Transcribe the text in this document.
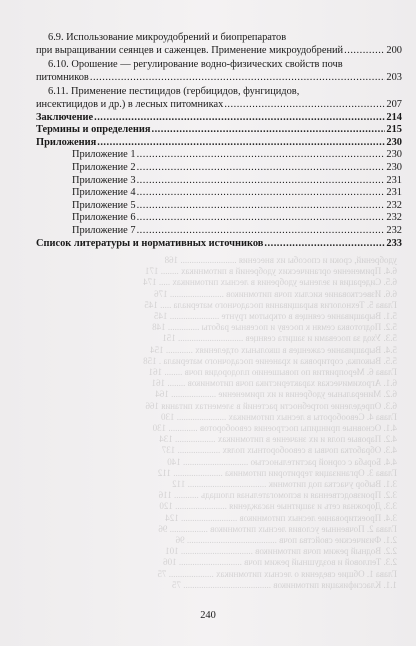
удобрений, сроки и способы их внесения ......................... 168
6.4. Применение органических удобрений в питомниках ........ 171
6.5. Сидерация и зеленые удобрения в лесных питомниках ..... 174
6.6. Известкование кислых почв питомников ........................ 176
Глава 5. Технология выращивания посадочного материала ..... 145
5.1. Выращивание сеянцев в открытом грунте ...................... 145
5.2. Подготовка семян к посеву и посевные работы .............. 148
5.3. Уход за посевами и защита сеянцев ............................. 151
5.4. Выращивание саженцев в школьных отделениях ............ 154
5.5. Выкопка, сортировка и хранение посадочного материала . 158
Глава 6. Мероприятия по повышению плодородия почв ........ 161
6.1. Агрохимическая характеристика почв питомников ........ 161
6.2. Минеральные удобрения и их применение .................... 164
6.3. Определение потребности растений в элементах питания 166
Глава 4. Севообороты в лесных питомниках ...................... 130
4.1. Основные принципы построения севооборотов ............. 130
4.2. Паровые поля и их значение в питомниках .................. 134
4.3. Обработка почвы в севооборотных полях ................... 137
4.4. Борьба с сорной растительностью ............................. 140
Глава 3. Организация территории питомника ...................... 112
3.1. Выбор участка под питомник ................................... 112
3.2. Производственная и вспомогательная площадь ........... 116
3.3. Дорожная сеть и защитные насаждения ....................... 120
3.4. Проектирование лесных питомников ......................... 124
Глава 2. Почвенные условия лесных питомников ................. 96
2.1. Физические свойства почв ........................................ 96
2.2. Водный режим почв питомников ................................ 101
2.3. Тепловой и воздушный режим почв ............................ 106
Глава 1. Общие сведения о лесных питомниках .................... 75
1.1. Классификация питомников ....................................... 75
6.9. Использование микроудобрений и биопрепаратов
при выращивании сеянцев и саженцев. Применение микроудобрений .....	200
6.10. Орошение — регулирование водно-физических свойств почв
питомников .....	203
6.11. Применение пестицидов (гербицидов, фунгицидов,
инсектицидов и др.) в лесных питомниках .....	207
Заключение .....	214
Термины и определения .....	215
Приложения .....	230
Приложение 1 .....	230
Приложение 2 .....	230
Приложение 3 .....	231
Приложение 4 .....	231
Приложение 5 .....	232
Приложение 6 .....	232
Приложение 7 .....	232
Список литературы и нормативных источников .....	233
240
